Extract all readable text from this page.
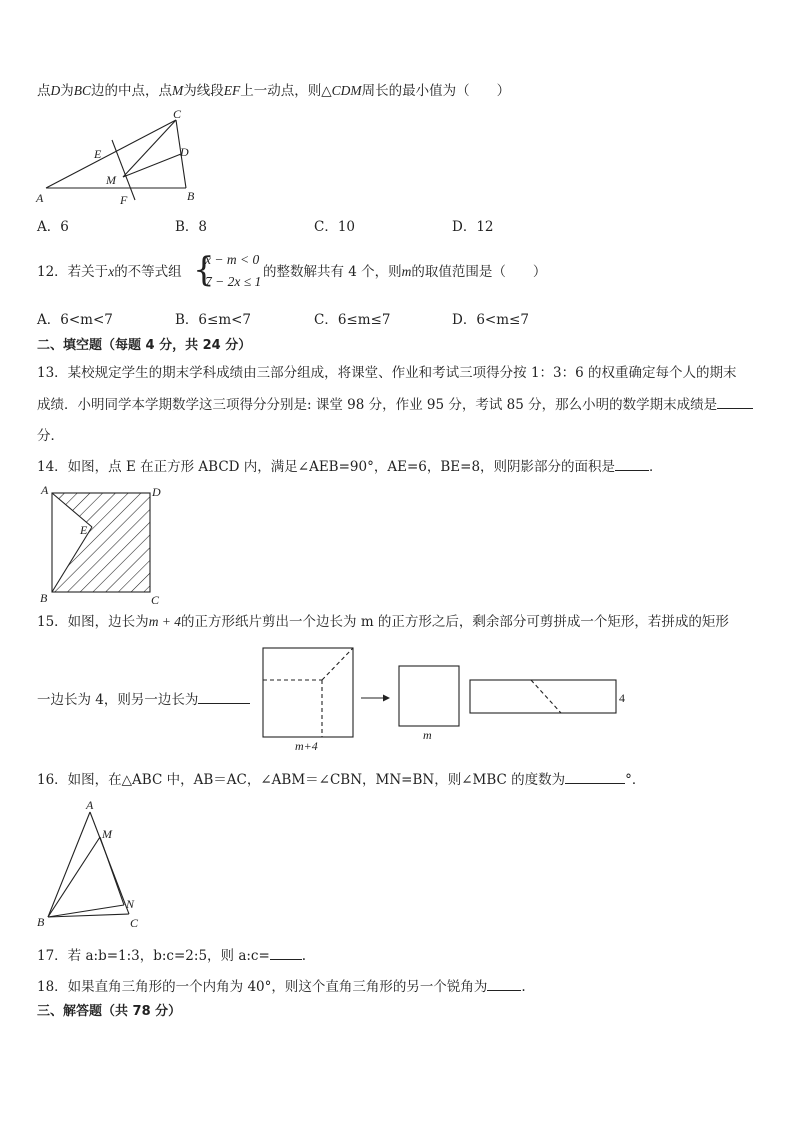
点D为BC边的中点，点M为线段EF上一动点，则△CDM周长的最小值为（　　）
A	B
C
D
E
F
M
A．6	B．8	C．10	D．12
12．若关于x的不等式组 {
x − m < 0
7 − 2x ≤ 1
的整数解共有 4 个，则m的取值范围是（　　）
A．6<m<7	B．6≤m<7	C．6≤m≤7	D．6<m≤7
二、填空题（每题 4 分，共 24 分）
13．某校规定学生的期末学科成绩由三部分组成，将课堂、作业和考试三项得分按 1：3：6 的权重确定每个人的期末
成绩．小明同学本学期数学这三项得分分别是: 课堂 98 分，作业 95 分，考试 85 分，那么小明的数学期末成绩是
分．
14．如图，点 E 在正方形 ABCD 内，满足∠AEB=90°，AE=6，BE=8，则阴影部分的面积是	．
A	D
B	C
E
15．如图，边长为m + 4的正方形纸片剪出一个边长为 m 的正方形之后，剩余部分可剪拼成一个矩形，若拼成的矩形
一边长为 4，则另一边长为
m+4
m
4
16．如图，在△ABC 中，AB＝AC，∠ABM＝∠CBN，MN=BN，则∠MBC 的度数为	°．
A
M
N
B	C
17．若 a:b=1:3，b:c=2:5，则 a:c= .
18．如果直角三角形的一个内角为 40°，则这个直角三角形的另一个锐角为	.
三、解答题（共 78 分）
